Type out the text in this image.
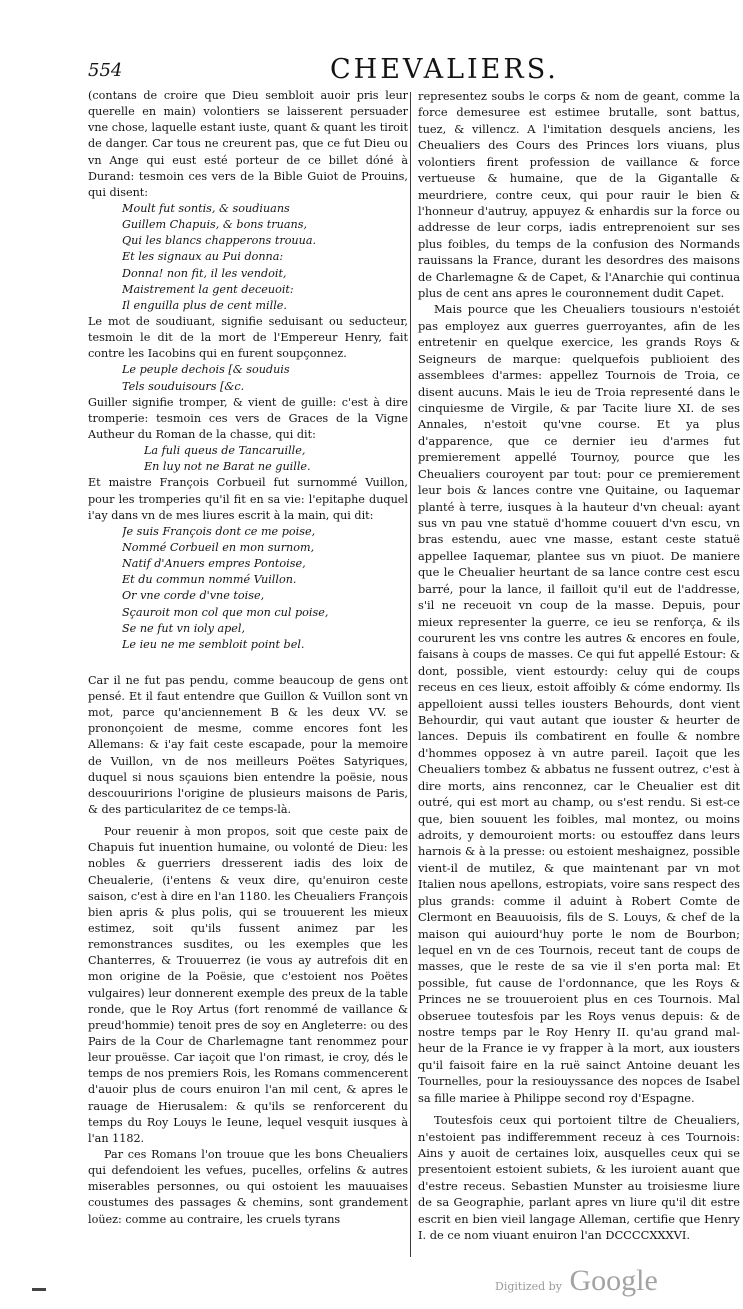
554	CHEVALIERS.

(contans de croire que Dieu sembloit auoir pris leur querelle en main) volontiers se laisserent persuader vne chose, laquelle estant iuste, quant & quant les tiroit de danger. Car tous ne creurent pas, que ce fut Dieu ou vn Ange qui eust esté porteur de ce billet dóné à Durand: tesmoin ces vers de la Bible Guiot de Prouins, qui disent:

Moult fut sontis, & soudiuans
Guillem Chapuis, & bons truans,
Qui les blancs chapperons trouua.
Et les signaux au Pui donna:
Donna! non fit, il les vendoit,
Maistrement la gent deceuoit:
Il enguilla plus de cent mille.

Le mot de soudiuant, signifie seduisant ou seducteur, tesmoin le dit de la mort de l'Empereur Henry, fait contre les Iacobins qui en furent soupçonnez.

Le peuple dechois [& souduis
Tels souduisours [&c.

Guiller signifie tromper, & vient de guille: c'est à dire tromperie: tesmoin ces vers de Graces de la Vigne Autheur du Roman de la chasse, qui dit:

La fuli queus de Tancaruille,
En luy not ne Barat ne guille.

Et maistre François Corbueil fut surnommé Vuillon, pour les tromperies qu'il fit en sa vie: l'epitaphe duquel i'ay dans vn de mes liures escrit à la main, qui dit:

Je suis François dont ce me poise,
Nommé Corbueil en mon surnom,
Natif d'Anuers empres Pontoise,
Et du commun nommé Vuillon.
Or vne corde d'vne toise,
Sçauroit mon col que mon cul poise,
Se ne fut vn ioly apel,
Le ieu ne me sembloit point bel.

Car il ne fut pas pendu, comme beaucoup de gens ont pensé. Et il faut entendre que Guillon & Vuillon sont vn mot, parce qu'anciennement B & les deux VV. se prononçoient de mesme, comme encores font les Allemans: & i'ay fait ceste escapade, pour la memoire de Vuillon, vn de nos meilleurs Poëtes Satyriques, duquel si nous sçauions bien entendre la poësie, nous descouuririons l'origine de plusieurs maisons de Paris, & des particularitez de ce temps-là.

Pour reuenir à mon propos, soit que ceste paix de Chapuis fut inuention humaine, ou volonté de Dieu: les nobles & guerriers dresserent iadis des loix de Cheualerie, (i'entens & veux dire, qu'enuiron ceste saison, c'est à dire en l'an 1180. les Cheualiers François bien apris & plus polis, qui se trouuerent les mieux estimez, soit qu'ils fussent animez par les remonstrances susdites, ou les exemples que les Chanterres, & Trouuerrez (ie vous ay autrefois dit en mon origine de la Poësie, que c'estoient nos Poëtes vulgaires) leur donnerent exemple des preux de la table ronde, que le Roy Artus (fort renommé de vaillance & preud'hommie) tenoit pres de soy en Angleterre: ou des Pairs de la Cour de Charlemagne tant renommez pour leur prouësse. Car iaçoit que l'on rimast, ie croy, dés le temps de nos premiers Rois, les Romans commencerent d'auoir plus de cours enuiron l'an mil cent, & apres le rauage de Hierusalem: & qu'ils se renforcerent du temps du Roy Louys le Ieune, lequel vesquit iusques à l'an 1182.

Par ces Romans l'on trouue que les bons Cheualiers qui defendoient les vefues, pucelles, orfelins & autres miserables personnes, ou qui ostoient les mauuaises coustumes des passages & chemins, sont grandement loüez: comme au contraire, les cruels tyrans

representez soubs le corps & nom de geant, comme la force demesuree est estimee brutalle, sont battus, tuez, & villencz. A l'imitation desquels anciens, les Cheualiers des Cours des Princes lors viuans, plus volontiers firent profession de vaillance & force vertueuse & humaine, que de la Gigantalle & meurdriere, contre ceux, qui pour rauir le bien & l'honneur d'autruy, appuyez & enhardis sur la force ou addresse de leur corps, iadis entreprenoient sur ses plus foibles, du temps de la confusion des Normands rauissans la France, durant les desordres des maisons de Charlemagne & de Capet, & l'Anarchie qui continua plus de cent ans apres le couronnement dudit Capet.

Mais pource que les Cheualiers tousiours n'estoiét pas employez aux guerres guerroyantes, afin de les entretenir en quelque exercice, les grands Roys & Seigneurs de marque: quelquefois publioient des assemblees d'armes: appellez Tournois de Troia, ce disent aucuns. Mais le ieu de Troia representé dans le cinquiesme de Virgile, & par Tacite liure XI. de ses Annales, n'estoit qu'vne course. Et ya plus d'apparence, que ce dernier ieu d'armes fut premierement appellé Tournoy, pource que les Cheualiers couroyent par tout: pour ce premierement leur bois & lances contre vne Quitaine, ou Iaquemar planté à terre, iusques à la hauteur d'vn cheual: ayant sus vn pau vne statuë d'homme couuert d'vn escu, vn bras estendu, auec vne masse, estant ceste statuë appellee Iaquemar, plantee sus vn piuot. De maniere que le Cheualier heurtant de sa lance contre cest escu barré, pour la lance, il failloit qu'il eut de l'addresse, s'il ne receuoit vn coup de la masse. Depuis, pour mieux representer la guerre, ce ieu se renforça, & ils coururent les vns contre les autres & encores en foule, faisans à coups de masses. Ce qui fut appellé Estour: & dont, possible, vient estourdy: celuy qui de coups receus en ces lieux, estoit affoibly & cóme endormy. Ils appelloient aussi telles iousters Behourds, dont vient Behourdir, qui vaut autant que iouster & heurter de lances. Depuis ils combatirent en foulle & nombre d'hommes opposez à vn autre pareil. Iaçoit que les Cheualiers tombez & abbatus ne fussent outrez, c'est à dire morts, ains renconnez, car le Cheualier est dit outré, qui est mort au champ, ou s'est rendu. Si est-ce que, bien souuent les foibles, mal montez, ou moins adroits, y demouroient morts: ou estouffez dans leurs harnois & à la presse: ou estoient meshaignez, possible vient-il de mutilez, & que maintenant par vn mot Italien nous apellons, estropiats, voire sans respect des plus grands: comme il aduint à Robert Comte de Clermont en Beauuoisis, fils de S. Louys, & chef de la maison qui auiourd'huy porte le nom de Bourbon; lequel en vn de ces Tournois, receut tant de coups de masses, que le reste de sa vie il s'en porta mal: Et possible, fut cause de l'ordonnance, que les Roys & Princes ne se trouueroient plus en ces Tournois. Mal obseruee toutesfois par les Roys venus depuis: & de nostre temps par le Roy Henry II. qu'au grand mal-heur de la France ie vy frapper à la mort, aux iousters qu'il faisoit faire en la ruë sainct Antoine deuant les Tournelles, pour la resiouyssance des nopces de Isabel sa fille mariee à Philippe second roy d'Espagne.

Toutesfois ceux qui portoient tiltre de Cheualiers, n'estoient pas indifferemment receuz à ces Tournois: Ains y auoit de certaines loix, ausquelles ceux qui se presentoient estoient subiets, & les iuroient auant que d'estre receus. Sebastien Munster au troisiesme liure de sa Geographie, parlant apres vn liure qu'il dit estre escrit en bien vieil langage Alleman, certifie que Henry I. de ce nom viuant enuiron l'an DCCCCXXXVI.

Digitized by Google
